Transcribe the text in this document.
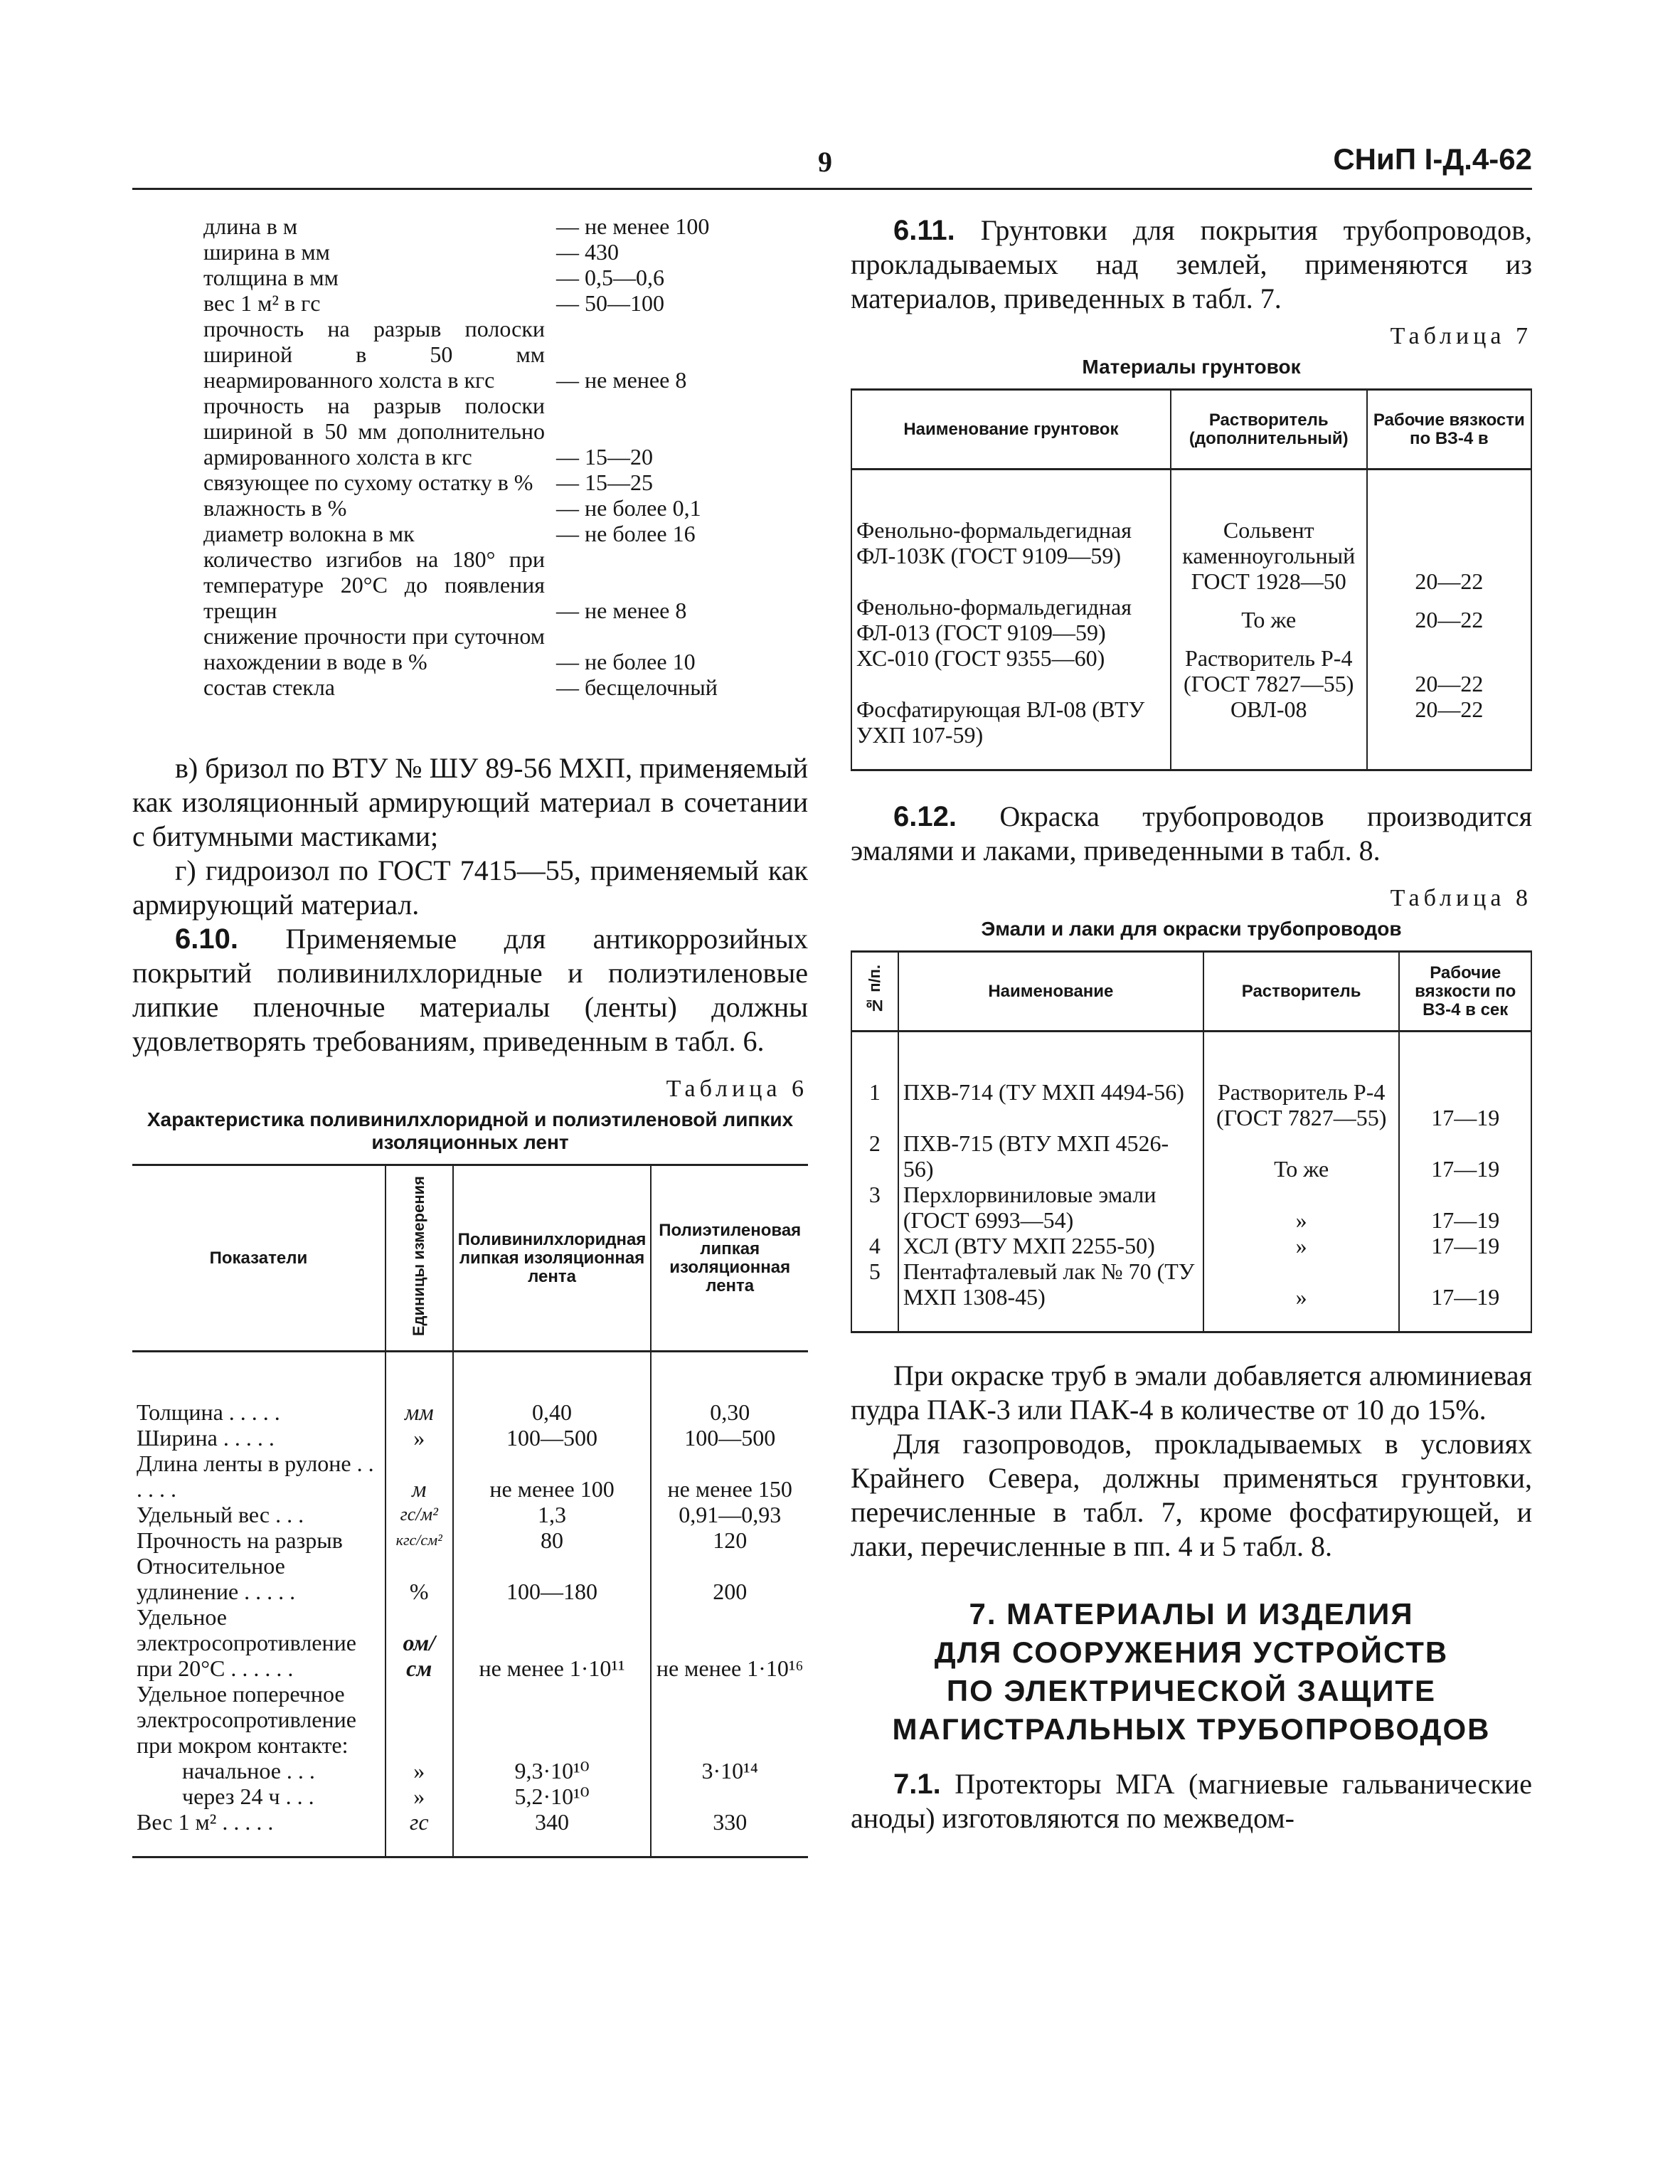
9	СНиП I-Д.4-62
длина в м	— не менее 100
ширина в мм	— 430
толщина в мм	— 0,5—0,6
вес 1 м² в гс	— 50—100
прочность на разрыв полоски шириной в 50 мм неармированного холста в кгс	— не менее 8
прочность на разрыв полоски шириной в 50 мм дополнительно армированного холста в кгс	— 15—20
связующее по сухому остатку в %	— 15—25
влажность в %	— не более 0,1
диаметр волокна в мк	— не более 16
количество изгибов на 180° при температуре 20°С до появления трещин	— не менее 8
снижение прочности при суточном нахождении в воде в %	— не более 10
состав стекла	— бесщелочный

в) бризол по ВТУ № ШУ 89-56 МХП, применяемый как изоляционный армирующий материал в сочетании с битумными мастиками;

г) гидроизол по ГОСТ 7415—55, применяемый как армирующий материал.

6.10. Применяемые для антикоррозийных покрытий поливинилхлоридные и полиэтиленовые липкие пленочные материалы (ленты) должны удовлетворять требованиям, приведенным в табл. 6.

Таблица 6
Характеристика поливинилхлоридной и полиэтиленовой липких изоляционных лент
Показатели	Единицы измерения	Поливинилхлоридная липкая изоляционная лента	Полиэтиленовая липкая изоляционная лента
Толщина . . . . .	мм	0,40	0,30
Ширина . . . . .	»	100—500	100—500
Длина ленты в рулоне . . . . . .	м	не менее 100	не менее 150
Удельный вес . . .	гс/м²	1,3	0,91—0,93
Прочность на разрыв	кгс/см²	80	120
Относительное удлинение . . . . .	%	100—180	200
Удельное электросопротивление при 20°С . . . . . .	ом/см	не менее 1·10¹¹	не менее 1·10¹⁶
Удельное поперечное электросопротивление при мокром контакте:			
начальное . . .	»	9,3·10¹⁰	3·10¹⁴
через 24 ч . . .	»	5,2·10¹⁰	
Вес 1 м² . . . . .	гс	340	330

6.11. Грунтовки для покрытия трубопроводов, прокладываемых над землей, применяются из материалов, приведенных в табл. 7.

Таблица 7
Материалы грунтовок
Наименование грунтовок	Растворитель (дополнительный)	Рабочие вязкости по ВЗ-4 в
Фенольно-формальдегидная ФЛ-103К (ГОСТ 9109—59)	Сольвент каменноугольный ГОСТ 1928—50	20—22
Фенольно-формальдегидная ФЛ-013 (ГОСТ 9109—59)	То же	20—22
ХС-010 (ГОСТ 9355—60)	Растворитель Р-4 (ГОСТ 7827—55)	20—22
Фосфатирующая ВЛ-08 (ВТУ УХП 107-59)	ОВЛ-08	20—22

6.12. Окраска трубопроводов производится эмалями и лаками, приведенными в табл. 8.

Таблица 8
Эмали и лаки для окраски трубопроводов
№ п/п.	Наименование	Растворитель	Рабочие вязкости по ВЗ-4 в сек
1	ПХВ-714 (ТУ МХП 4494-56)	Растворитель Р-4 (ГОСТ 7827—55)	17—19
2	ПХВ-715 (ВТУ МХП 4526-56)	То же	17—19
3	Перхлорвиниловые эмали (ГОСТ 6993—54)	»	17—19
4	ХСЛ (ВТУ МХП 2255-50)	»	17—19
5	Пентафталевый лак № 70 (ТУ МХП 1308-45)	»	17—19

При окраске труб в эмали добавляется алюминиевая пудра ПАК-3 или ПАК-4 в количестве от 10 до 15%.

Для газопроводов, прокладываемых в условиях Крайнего Севера, должны применяться грунтовки, перечисленные в табл. 7, кроме фосфатирующей, и лаки, перечисленные в пп. 4 и 5 табл. 8.

7. МАТЕРИАЛЫ И ИЗДЕЛИЯ
ДЛЯ СООРУЖЕНИЯ УСТРОЙСТВ
ПО ЭЛЕКТРИЧЕСКОЙ ЗАЩИТЕ
МАГИСТРАЛЬНЫХ ТРУБОПРОВОДОВ

7.1. Протекторы МГА (магниевые гальванические аноды) изготовляются по межведом-
